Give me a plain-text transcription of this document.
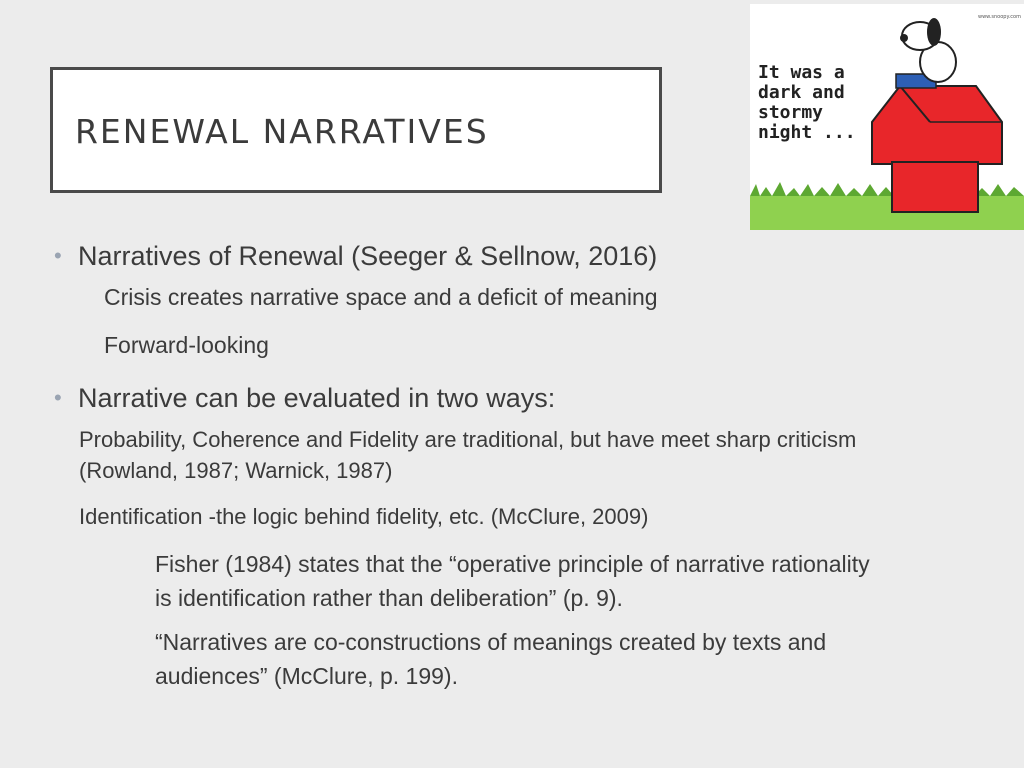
RENEWAL NARRATIVES
It was a
dark and
stormy
night ...
www.snoopy.com
• Narratives of Renewal (Seeger & Sellnow, 2016)
Crisis creates narrative space and a deficit of meaning
Forward-looking
• Narrative can be evaluated in two ways:
Probability, Coherence and Fidelity are traditional, but have meet sharp criticism (Rowland, 1987; Warnick, 1987)
Identification -the logic behind fidelity, etc. (McClure, 2009)
Fisher (1984) states that the “operative principle of narrative rationality is identification rather than deliberation” (p. 9).
“Narratives are co-constructions of meanings created by texts and audiences” (McClure, p. 199).
